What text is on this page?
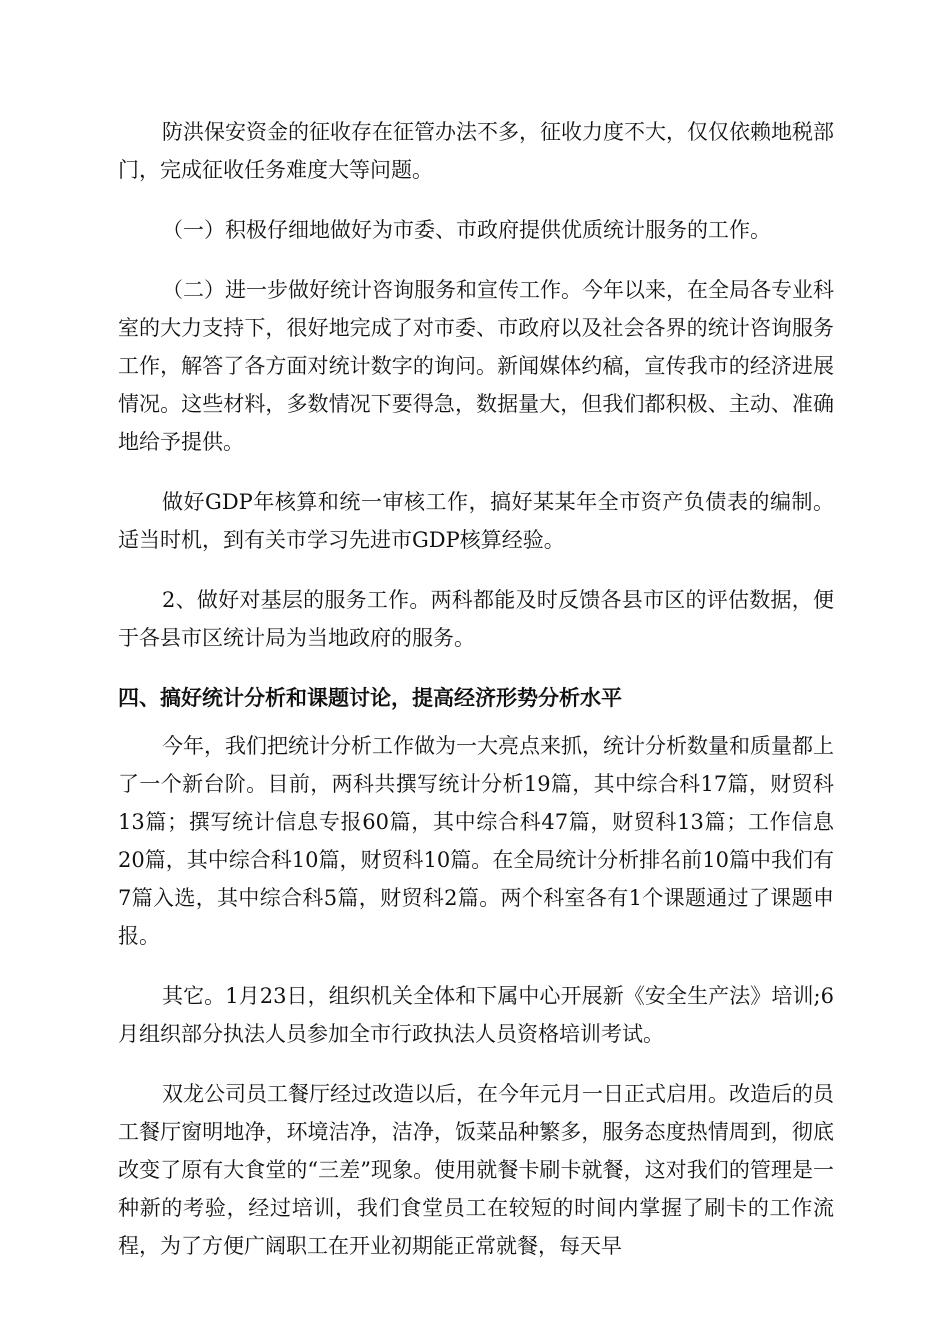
防洪保安资金的征收存在征管办法不多，征收力度不大，仅仅依赖地税部门，完成征收任务难度大等问题。

（一）积极仔细地做好为市委、市政府提供优质统计服务的工作。

（二）进一步做好统计咨询服务和宣传工作。今年以来，在全局各专业科室的大力支持下，很好地完成了对市委、市政府以及社会各界的统计咨询服务工作，解答了各方面对统计数字的询问。新闻媒体约稿，宣传我市的经济进展情况。这些材料，多数情况下要得急，数据量大，但我们都积极、主动、准确地给予提供。

做好GDP年核算和统一审核工作，搞好某某年全市资产负债表的编制。适当时机，到有关市学习先进市GDP核算经验。

2、做好对基层的服务工作。两科都能及时反馈各县市区的评估数据，便于各县市区统计局为当地政府的服务。

四、搞好统计分析和课题讨论，提高经济形势分析水平

今年，我们把统计分析工作做为一大亮点来抓，统计分析数量和质量都上了一个新台阶。目前，两科共撰写统计分析19篇，其中综合科17篇，财贸科13篇；撰写统计信息专报60篇，其中综合科47篇，财贸科13篇；工作信息20篇，其中综合科10篇，财贸科10篇。在全局统计分析排名前10篇中我们有7篇入选，其中综合科5篇，财贸科2篇。两个科室各有1个课题通过了课题申报。

其它。1月23日，组织机关全体和下属中心开展新《安全生产法》培训;6月组织部分执法人员参加全市行政执法人员资格培训考试。

双龙公司员工餐厅经过改造以后，在今年元月一日正式启用。改造后的员工餐厅窗明地净，环境洁净，洁净，饭菜品种繁多，服务态度热情周到，彻底改变了原有大食堂的“三差”现象。使用就餐卡刷卡就餐，这对我们的管理是一种新的考验，经过培训，我们食堂员工在较短的时间内掌握了刷卡的工作流程，为了方便广阔职工在开业初期能正常就餐，每天早
